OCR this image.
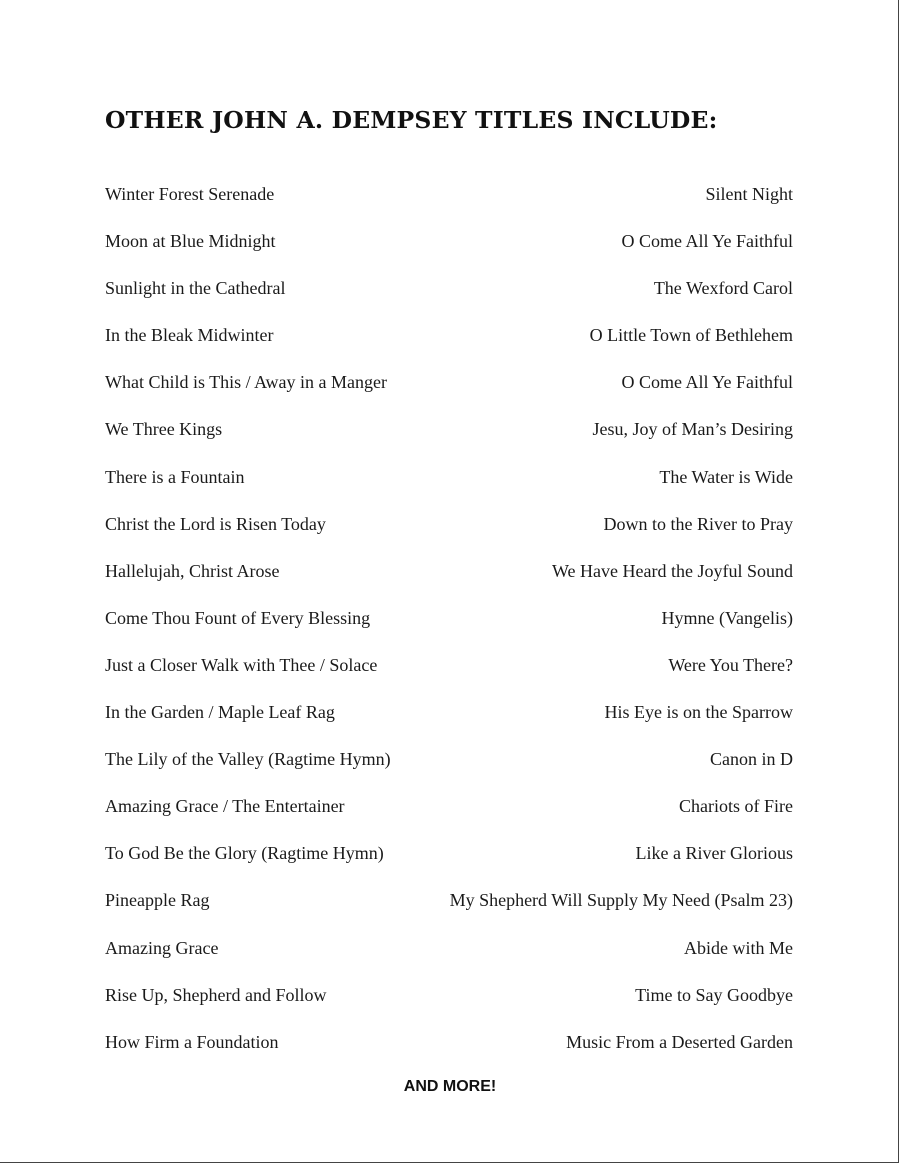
OTHER JOHN A. DEMPSEY TITLES INCLUDE:
Winter Forest Serenade	Silent Night
Moon at Blue Midnight	O Come All Ye Faithful
Sunlight in the Cathedral	The Wexford Carol
In the Bleak Midwinter	O Little Town of Bethlehem
What Child is This / Away in a Manger	O Come All Ye Faithful
We Three Kings	Jesu, Joy of Man’s Desiring
There is a Fountain	The Water is Wide
Christ the Lord is Risen Today	Down to the River to Pray
Hallelujah, Christ Arose	We Have Heard the Joyful Sound
Come Thou Fount of Every Blessing	Hymne (Vangelis)
Just a Closer Walk with Thee / Solace	Were You There?
In the Garden / Maple Leaf Rag	His Eye is on the Sparrow
The Lily of the Valley (Ragtime Hymn)	Canon in D
Amazing Grace / The Entertainer	Chariots of Fire
To God Be the Glory (Ragtime Hymn)	Like a River Glorious
Pineapple Rag	My Shepherd Will Supply My Need (Psalm 23)
Amazing Grace	Abide with Me
Rise Up, Shepherd and Follow	Time to Say Goodbye
How Firm a Foundation	Music From a Deserted Garden
AND MORE!
